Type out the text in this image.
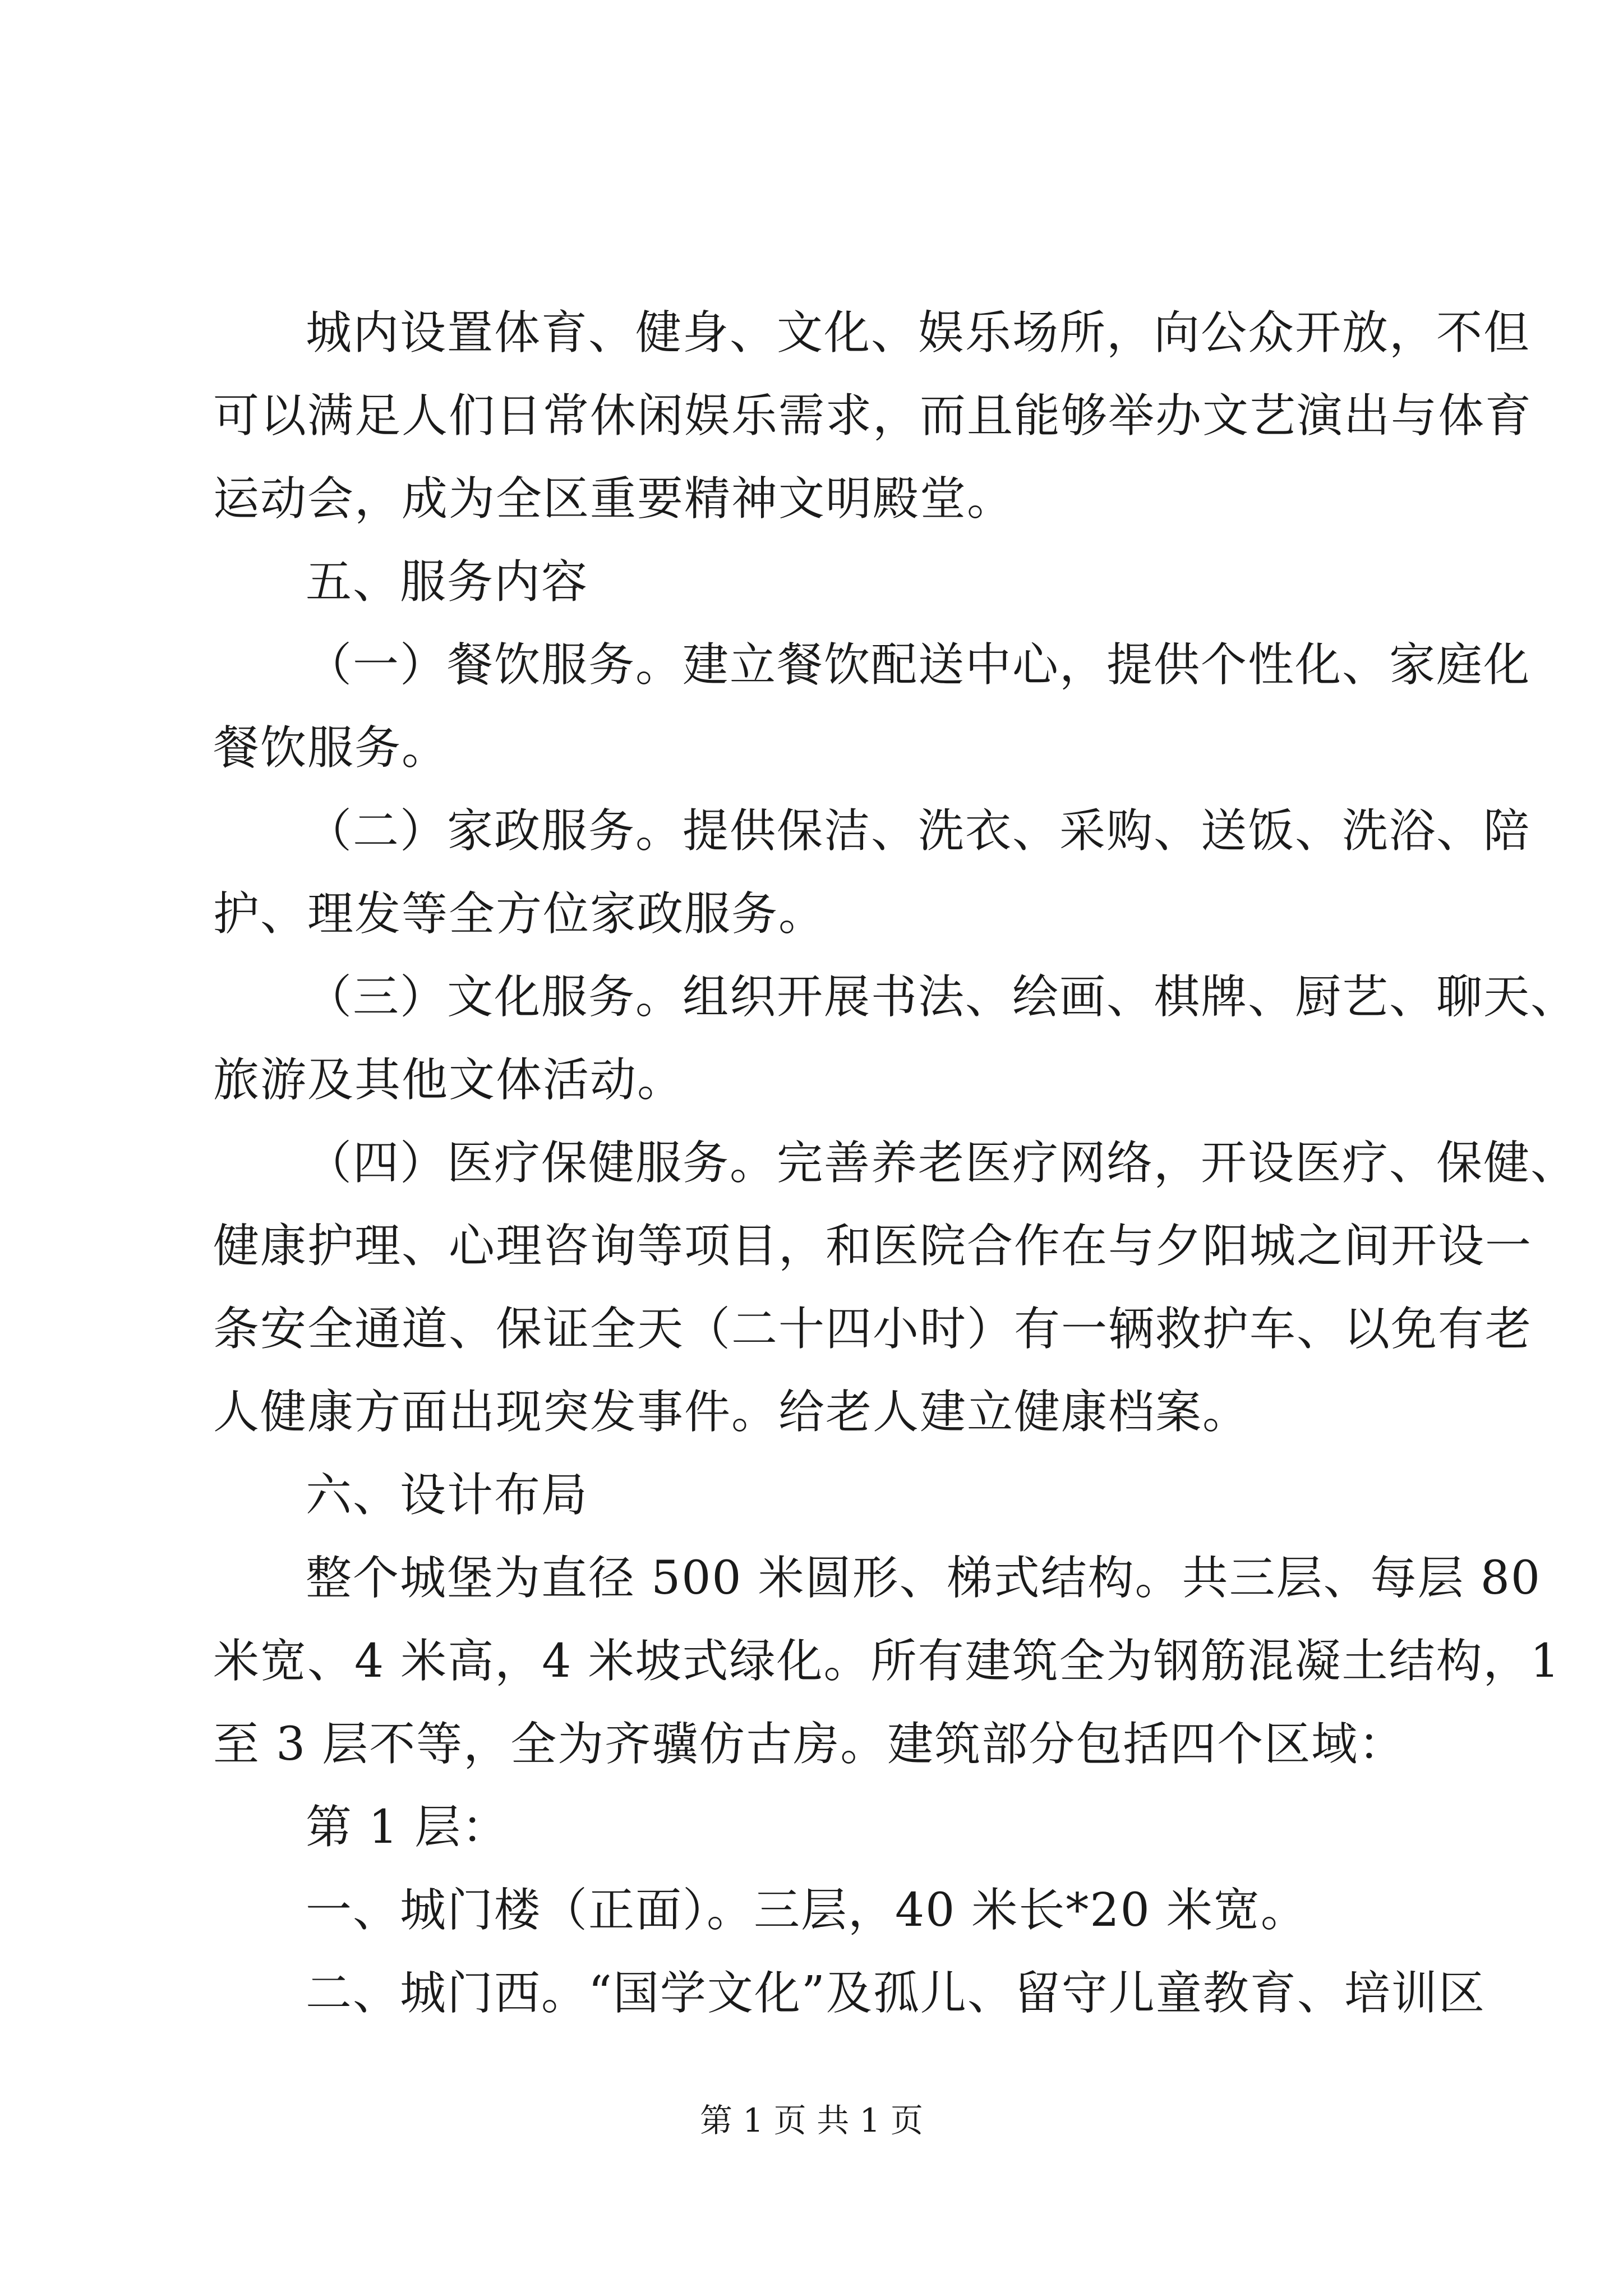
城内设置体育、健身、文化、娱乐场所，向公众开放，不但
可以满足人们日常休闲娱乐需求，而且能够举办文艺演出与体育
运动会，成为全区重要精神文明殿堂。
五、服务内容
（一）餐饮服务。建立餐饮配送中心，提供个性化、家庭化
餐饮服务。
（二）家政服务。提供保洁、洗衣、采购、送饭、洗浴、陪
护、理发等全方位家政服务。
（三）文化服务。组织开展书法、绘画、棋牌、厨艺、聊天、
旅游及其他文体活动。
（四）医疗保健服务。完善养老医疗网络，开设医疗、保健、
健康护理、心理咨询等项目，和医院合作在与夕阳城之间开设一
条安全通道、保证全天（二十四小时）有一辆救护车、以免有老
人健康方面出现突发事件。给老人建立健康档案。
六、设计布局
整个城堡为直径 500 米圆形、梯式结构。共三层、每层 80
米宽、4 米高，4 米坡式绿化。所有建筑全为钢筋混凝土结构，1
至 3 层不等，全为齐骥仿古房。建筑部分包括四个区域：
第 1 层：
一、城门楼（正面）。三层，40 米长*20 米宽。
二、城门西。“国学文化”及孤儿、留守儿童教育、培训区
第 1 页 共 1 页
